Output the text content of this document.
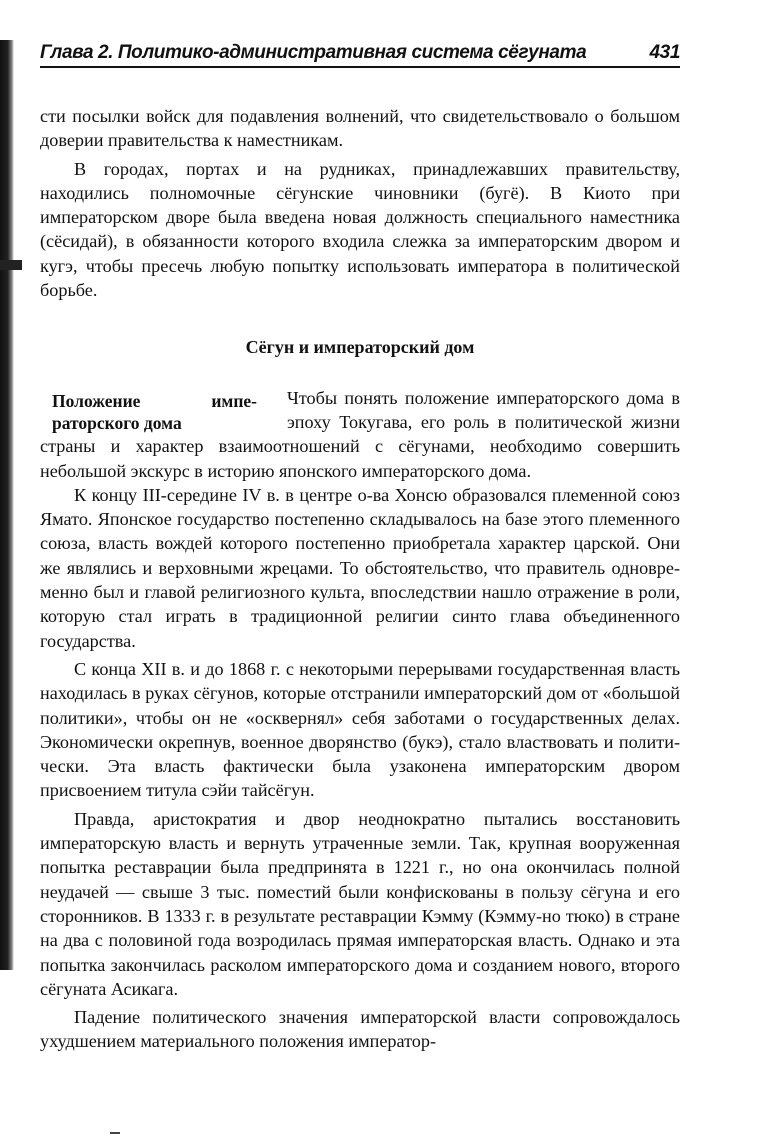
Глава 2. Политико-административная система сёгуната	431

сти посылки войск для подавления волнений, что свидетельствовало о большом доверии правительства к наместникам.

В городах, портах и на рудниках, принадлежавших правительству, находились полномочные сёгунские чиновники (бугё). В Киото при императорском дворе была введена новая должность специального наместника (сёсидай), в обязанности которого входила слежка за императорским двором и кугэ, чтобы пресечь любую попытку использовать императора в политической борьбе.

Сёгун и императорский дом
Положение императорского дома

Чтобы понять положение императорского дома в эпоху Токугава, его роль в политической жизни страны и характер взаимоотношений с сёгунами, необходимо совершить небольшой экскурс в историю японского императорского дома.

К концу III-середине IV в. в центре о-ва Хонсю образовался племенной союз Ямато. Японское государство постепенно складывалось на базе этого племенного союза, власть вождей которого постепенно приобретала характер царской. Они же являлись и верховными жрецами. То обстоятельство, что правитель одновременно был и главой религиозного культа, впоследствии нашло отражение в роли, которую стал играть в традиционной религии синто глава объединенного государства.

С конца XII в. и до 1868 г. с некоторыми перерывами государственная власть находилась в руках сёгунов, которые отстранили императорский дом от «большой политики», чтобы он не «осквернял» себя заботами о государственных делах. Экономически окрепнув, военное дворянство (букэ), стало властвовать и политически. Эта власть фактически была узаконена императорским двором присвоением титула сэйи тайсёгун.

Правда, аристократия и двор неоднократно пытались восстановить императорскую власть и вернуть утраченные земли. Так, крупная вооруженная попытка реставрации была предпринята в 1221 г., но она окончилась полной неудачей — свыше 3 тыс. поместий были конфискованы в пользу сёгуна и его сторонников. В 1333 г. в результате реставрации Кэмму (Кэмму-но тюко) в стране на два с половиной года возродилась прямая императорская власть. Однако и эта попытка закончилась расколом императорского дома и созданием нового, второго сёгуната Асикага.

Падение политического значения императорской власти сопровождалось ухудшением материального положения император-
